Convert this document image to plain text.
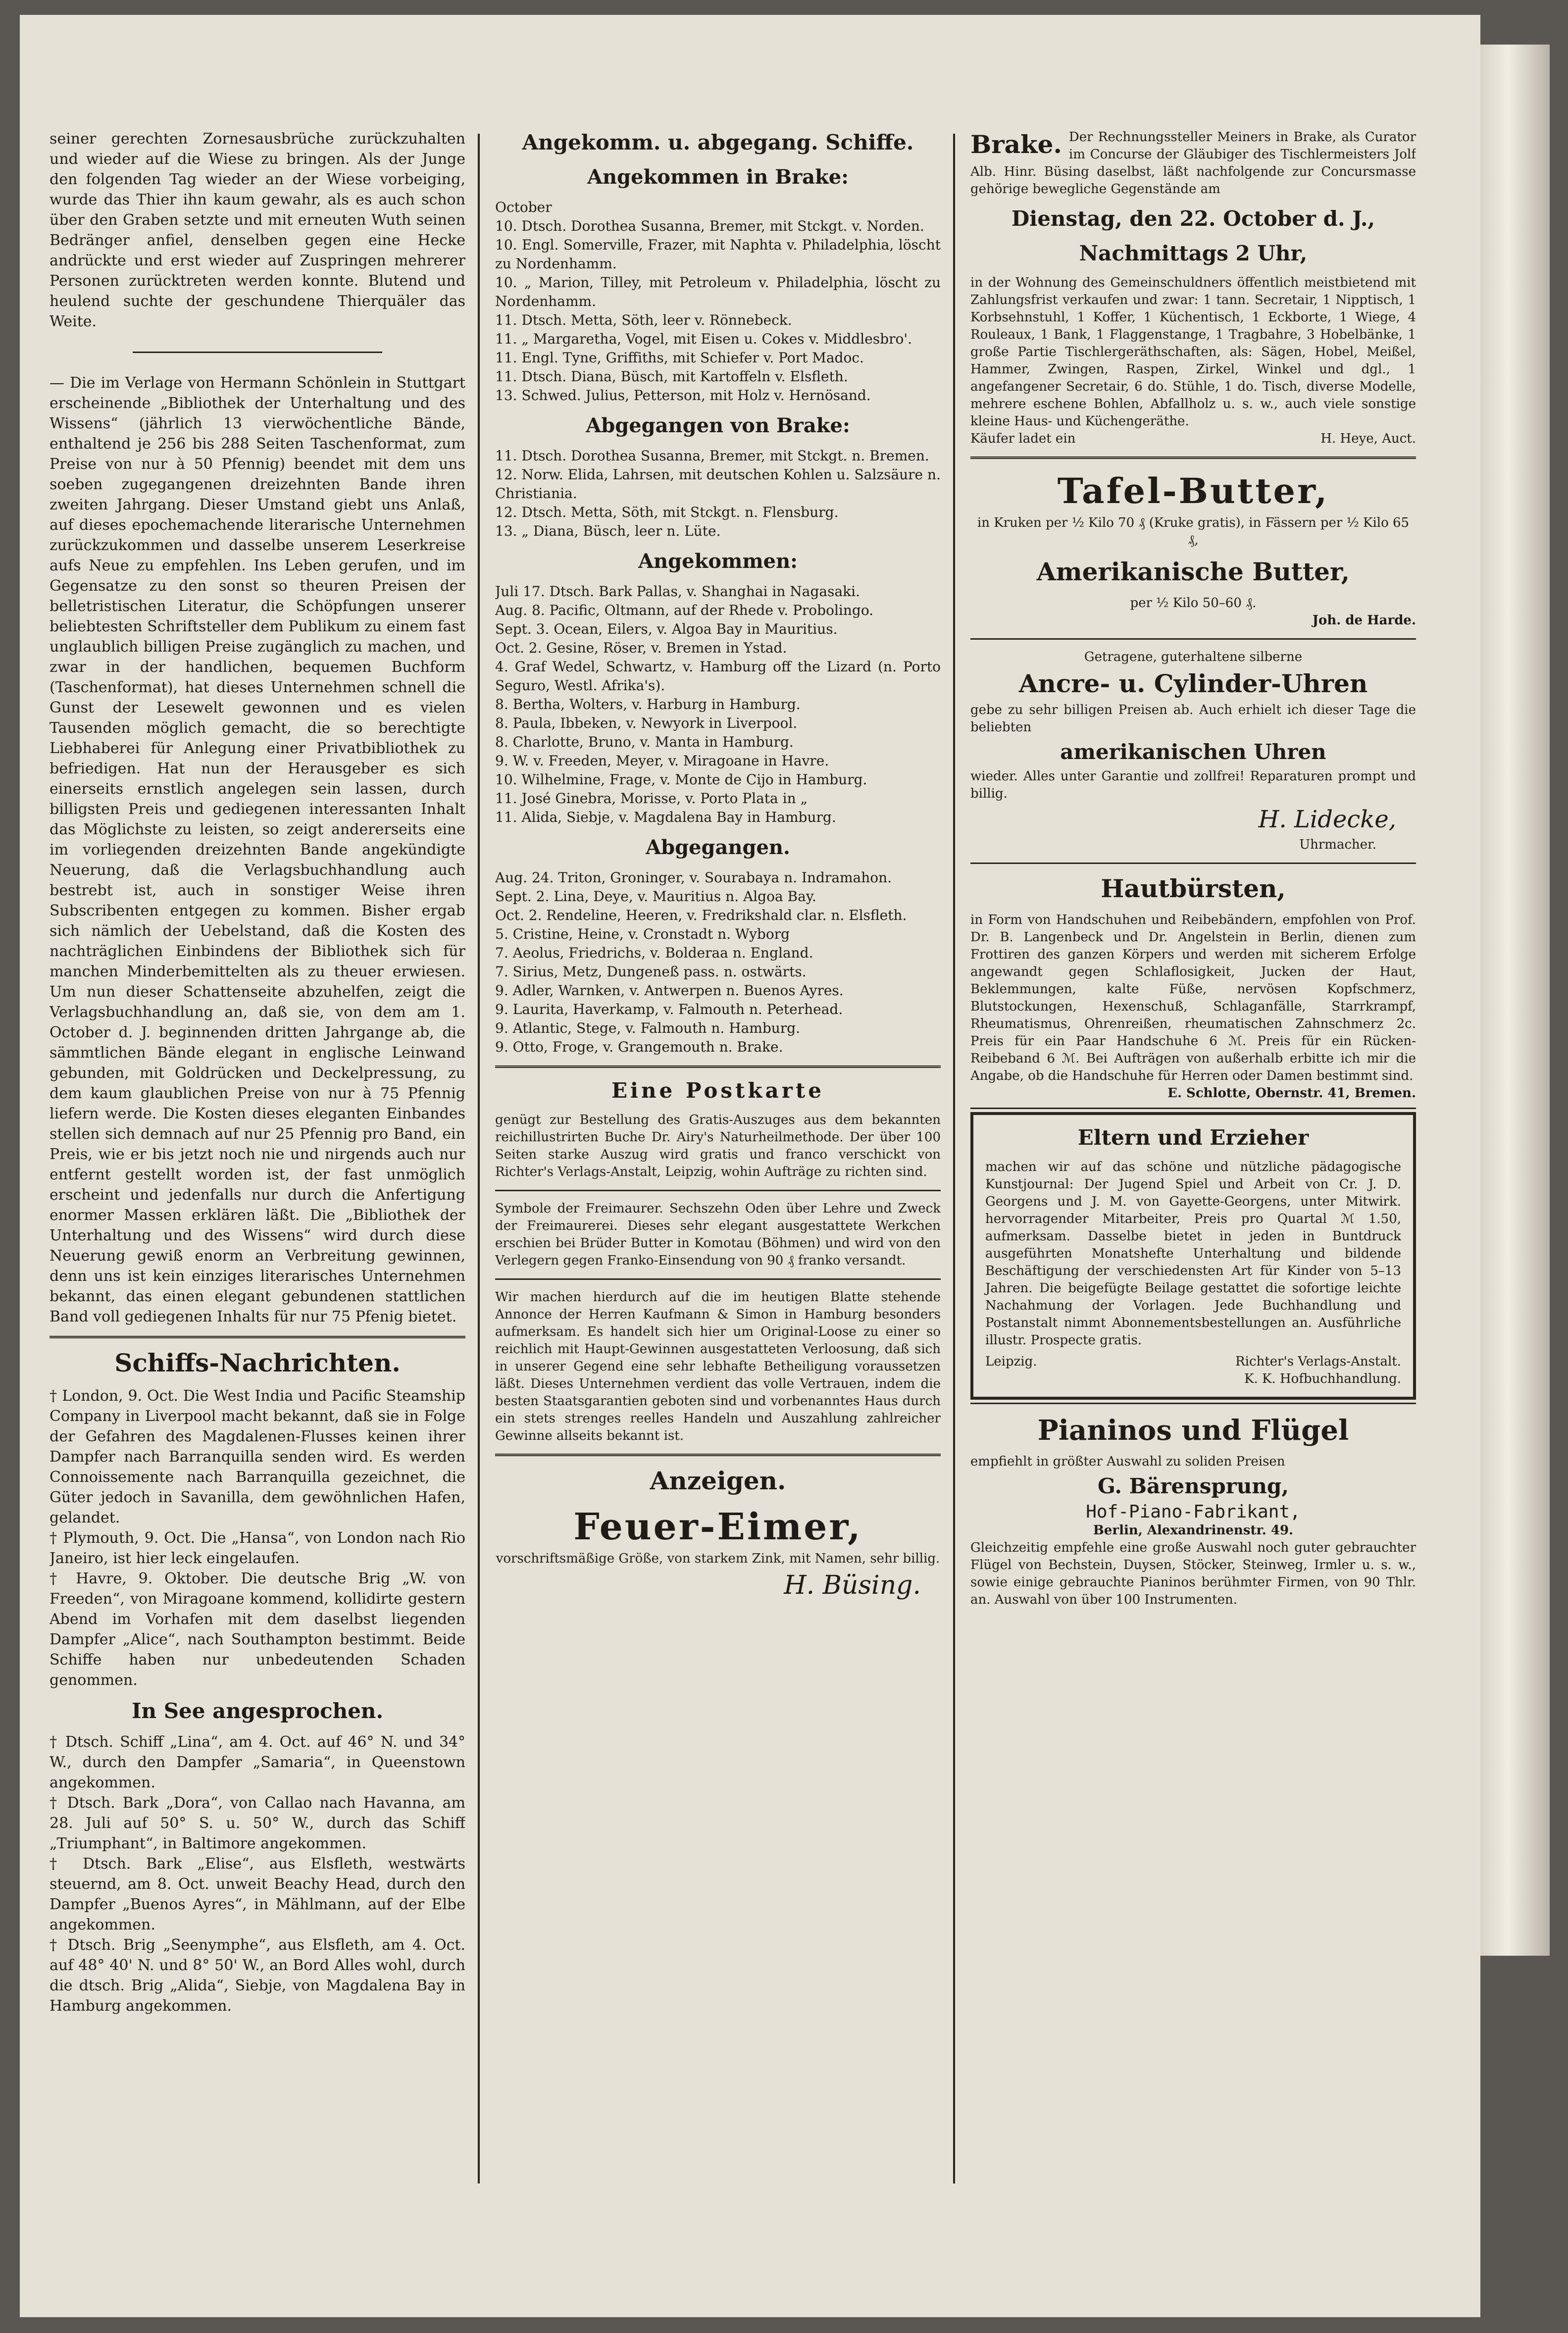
seiner gerechten Zornesausbrüche zurückzuhalten und wieder auf die Wiese zu bringen. Als der Junge den folgenden Tag wieder an der Wiese vorbeiging, wurde das Thier ihn kaum gewahr, als es auch schon über den Graben setzte und mit erneuten Wuth seinen Bedränger anfiel, denselben gegen eine Hecke andrückte und erst wieder auf Zuspringen mehrerer Personen zurücktreten werden konnte. Blutend und heulend suchte der geschundene Thierquäler das Weite.

— Die im Verlage von Hermann Schönlein in Stuttgart erscheinende „Bibliothek der Unterhaltung und des Wissens“ (jährlich 13 vierwöchentliche Bände, enthaltend je 256 bis 288 Seiten Taschenformat, zum Preise von nur à 50 Pfennig) beendet mit dem uns soeben zugegangenen dreizehnten Bande ihren zweiten Jahrgang. Dieser Umstand giebt uns Anlaß, auf dieses epochemachende literarische Unternehmen zurückzukommen und dasselbe unserem Leserkreise aufs Neue zu empfehlen. Ins Leben gerufen, und im Gegensatze zu den sonst so theuren Preisen der belletristischen Literatur, die Schöpfungen unserer beliebtesten Schriftsteller dem Publikum zu einem fast unglaublich billigen Preise zugänglich zu machen, und zwar in der handlichen, bequemen Buchform (Taschenformat), hat dieses Unternehmen schnell die Gunst der Lesewelt gewonnen und es vielen Tausenden möglich gemacht, die so berechtigte Liebhaberei für Anlegung einer Privatbibliothek zu befriedigen. Hat nun der Herausgeber es sich einerseits ernstlich angelegen sein lassen, durch billigsten Preis und gediegenen interessanten Inhalt das Möglichste zu leisten, so zeigt andererseits eine im vorliegenden dreizehnten Bande angekündigte Neuerung, daß die Verlagsbuchhandlung auch bestrebt ist, auch in sonstiger Weise ihren Subscribenten entgegen zu kommen. Bisher ergab sich nämlich der Uebelstand, daß die Kosten des nachträglichen Einbindens der Bibliothek sich für manchen Minderbemittelten als zu theuer erwiesen. Um nun dieser Schattenseite abzuhelfen, zeigt die Verlagsbuchhandlung an, daß sie, von dem am 1. October d. J. beginnenden dritten Jahrgange ab, die sämmtlichen Bände elegant in englische Leinwand gebunden, mit Goldrücken und Deckelpressung, zu dem kaum glaublichen Preise von nur à 75 Pfennig liefern werde. Die Kosten dieses eleganten Einbandes stellen sich demnach auf nur 25 Pfennig pro Band, ein Preis, wie er bis jetzt noch nie und nirgends auch nur entfernt gestellt worden ist, der fast unmöglich erscheint und jedenfalls nur durch die Anfertigung enormer Massen erklären läßt. Die „Bibliothek der Unterhaltung und des Wissens“ wird durch diese Neuerung gewiß enorm an Verbreitung gewinnen, denn uns ist kein einziges literarisches Unternehmen bekannt, das einen elegant gebundenen stattlichen Band voll gediegenen Inhalts für nur 75 Pfenig bietet.

Schiffs-Nachrichten.

† London, 9. Oct. Die West India und Pacific Steamship Company in Liverpool macht bekannt, daß sie in Folge der Gefahren des Magdalenen-Flusses keinen ihrer Dampfer nach Barranquilla senden wird. Es werden Connoissemente nach Barranquilla gezeichnet, die Güter jedoch in Savanilla, dem gewöhnlichen Hafen, gelandet.

† Plymouth, 9. Oct. Die „Hansa“, von London nach Rio Janeiro, ist hier leck eingelaufen.

† Havre, 9. Oktober. Die deutsche Brig „W. von Freeden“, von Miragoane kommend, kollidirte gestern Abend im Vorhafen mit dem daselbst liegenden Dampfer „Alice“, nach Southampton bestimmt. Beide Schiffe haben nur unbedeutenden Schaden genommen.

In See angesprochen.

† Dtsch. Schiff „Lina“, am 4. Oct. auf 46° N. und 34° W., durch den Dampfer „Samaria“, in Queenstown angekommen.

† Dtsch. Bark „Dora“, von Callao nach Havanna, am 28. Juli auf 50° S. u. 50° W., durch das Schiff „Triumphant“, in Baltimore angekommen.

† Dtsch. Bark „Elise“, aus Elsfleth, westwärts steuernd, am 8. Oct. unweit Beachy Head, durch den Dampfer „Buenos Ayres“, in Mählmann, auf der Elbe angekommen.

† Dtsch. Brig „Seenymphe“, aus Elsfleth, am 4. Oct. auf 48° 40' N. und 8° 50' W., an Bord Alles wohl, durch die dtsch. Brig „Alida“, Siebje, von Magdalena Bay in Hamburg angekommen.

Angekomm. u. abgegang. Schiffe.
Angekommen in Brake:

October

10. Dtsch. Dorothea Susanna, Bremer, mit Stckgt. v. Norden.

10. Engl. Somerville, Frazer, mit Naphta v. Philadelphia, löscht zu Nordenhamm.

10. „ Marion, Tilley, mit Petroleum v. Philadelphia, löscht zu Nordenhamm.

11. Dtsch. Metta, Söth, leer v. Rönnebeck.

11. „ Margaretha, Vogel, mit Eisen u. Cokes v. Middlesbro'.

11. Engl. Tyne, Griffiths, mit Schiefer v. Port Madoc.

11. Dtsch. Diana, Büsch, mit Kartoffeln v. Elsfleth.

13. Schwed. Julius, Petterson, mit Holz v. Hernösand.

Abgegangen von Brake:

11. Dtsch. Dorothea Susanna, Bremer, mit Stckgt. n. Bremen.

12. Norw. Elida, Lahrsen, mit deutschen Kohlen u. Salzsäure n. Christiania.

12. Dtsch. Metta, Söth, mit Stckgt. n. Flensburg.

13. „ Diana, Büsch, leer n. Lüte.

Angekommen:

Juli 17. Dtsch. Bark Pallas, v. Shanghai in Nagasaki.

Aug. 8. Pacific, Oltmann, auf der Rhede v. Probolingo.

Sept. 3. Ocean, Eilers, v. Algoa Bay in Mauritius.

Oct. 2. Gesine, Röser, v. Bremen in Ystad.

4. Graf Wedel, Schwartz, v. Hamburg off the Lizard (n. Porto Seguro, Westl. Afrika's).

8. Bertha, Wolters, v. Harburg in Hamburg.

8. Paula, Ibbeken, v. Newyork in Liverpool.

8. Charlotte, Bruno, v. Manta in Hamburg.

9. W. v. Freeden, Meyer, v. Miragoane in Havre.

10. Wilhelmine, Frage, v. Monte de Cijo in Hamburg.

11. José Ginebra, Morisse, v. Porto Plata in „

11. Alida, Siebje, v. Magdalena Bay in Hamburg.

Abgegangen.

Aug. 24. Triton, Groninger, v. Sourabaya n. Indramahon.

Sept. 2. Lina, Deye, v. Mauritius n. Algoa Bay.

Oct. 2. Rendeline, Heeren, v. Fredrikshald clar. n. Elsfleth.

5. Cristine, Heine, v. Cronstadt n. Wyborg

7. Aeolus, Friedrichs, v. Bolderaa n. England.

7. Sirius, Metz, Dungeneß pass. n. ostwärts.

9. Adler, Warnken, v. Antwerpen n. Buenos Ayres.

9. Laurita, Haverkamp, v. Falmouth n. Peterhead.

9. Atlantic, Stege, v. Falmouth n. Hamburg.

9. Otto, Froge, v. Grangemouth n. Brake.

Eine Postkarte

genügt zur Bestellung des Gratis-Auszuges aus dem bekannten reichillustrirten Buche Dr. Airy's Naturheilmethode. Der über 100 Seiten starke Auszug wird gratis und franco verschickt von Richter's Verlags-Anstalt, Leipzig, wohin Aufträge zu richten sind.

Symbole der Freimaurer. Sechszehn Oden über Lehre und Zweck der Freimaurerei. Dieses sehr elegant ausgestattete Werkchen erschien bei Brüder Butter in Komotau (Böhmen) und wird von den Verlegern gegen Franko-Einsendung von 90 ₰ franko versandt.

Wir machen hierdurch auf die im heutigen Blatte stehende Annonce der Herren Kaufmann & Simon in Hamburg besonders aufmerksam. Es handelt sich hier um Original-Loose zu einer so reichlich mit Haupt-Gewinnen ausgestatteten Verloosung, daß sich in unserer Gegend eine sehr lebhafte Betheiligung voraussetzen läßt. Dieses Unternehmen verdient das volle Vertrauen, indem die besten Staatsgarantien geboten sind und vorbenanntes Haus durch ein stets strenges reelles Handeln und Auszahlung zahlreicher Gewinne allseits bekannt ist.

Anzeigen.
Feuer-Eimer,

vorschriftsmäßige Größe, von starkem Zink, mit Namen, sehr billig.

H. Büsing.

Brake. Der Rechnungssteller Meiners in Brake, als Curator im Concurse der Gläubiger des Tischlermeisters Jolf Alb. Hinr. Büsing daselbst, läßt nachfolgende zur Concursmasse gehörige bewegliche Gegenstände am

Dienstag, den 22. October d. J.,
Nachmittags 2 Uhr,

in der Wohnung des Gemeinschuldners öffentlich meistbietend mit Zahlungsfrist verkaufen und zwar: 1 tann. Secretair, 1 Nipptisch, 1 Korbsehnstuhl, 1 Koffer, 1 Küchentisch, 1 Eckborte, 1 Wiege, 4 Rouleaux, 1 Bank, 1 Flaggenstange, 1 Tragbahre, 3 Hobelbänke, 1 große Partie Tischlergeräthschaften, als: Sägen, Hobel, Meißel, Hammer, Zwingen, Raspen, Zirkel, Winkel und dgl., 1 angefangener Secretair, 6 do. Stühle, 1 do. Tisch, diverse Modelle, mehrere eschene Bohlen, Abfallholz u. s. w., auch viele sonstige kleine Haus- und Küchengeräthe.

Käufer ladet ein	H. Heye, Auct.

Tafel-Butter,

in Kruken per ½ Kilo 70 ₰ (Kruke gratis), in Fässern per ½ Kilo 65 ₰,

Amerikanische Butter,

per ½ Kilo 50–60 ₰.

Joh. de Harde.

Getragene, guterhaltene silberne

Ancre- u. Cylinder-Uhren

gebe zu sehr billigen Preisen ab. Auch erhielt ich dieser Tage die beliebten

amerikanischen Uhren

wieder. Alles unter Garantie und zollfrei! Reparaturen prompt und billig.

H. Lidecke,

Uhrmacher.

Hautbürsten,

in Form von Handschuhen und Reibebändern, empfohlen von Prof. Dr. B. Langenbeck und Dr. Angelstein in Berlin, dienen zum Frottiren des ganzen Körpers und werden mit sicherem Erfolge angewandt gegen Schlaflosigkeit, Jucken der Haut, Beklemmungen, kalte Füße, nervösen Kopfschmerz, Blutstockungen, Hexenschuß, Schlaganfälle, Starrkrampf, Rheumatismus, Ohrenreißen, rheumatischen Zahnschmerz 2c. Preis für ein Paar Handschuhe 6 ℳ. Preis für ein Rücken-Reibeband 6 ℳ. Bei Aufträgen von außerhalb erbitte ich mir die Angabe, ob die Handschuhe für Herren oder Damen bestimmt sind.

E. Schlotte, Obernstr. 41, Bremen.

Eltern und Erzieher

machen wir auf das schöne und nützliche pädagogische Kunstjournal: Der Jugend Spiel und Arbeit von Cr. J. D. Georgens und J. M. von Gayette-Georgens, unter Mitwirk. hervorragender Mitarbeiter, Preis pro Quartal ℳ 1.50, aufmerksam. Dasselbe bietet in jeden in Buntdruck ausgeführten Monatshefte Unterhaltung und bildende Beschäftigung der verschiedensten Art für Kinder von 5–13 Jahren. Die beigefügte Beilage gestattet die sofortige leichte Nachahmung der Vorlagen. Jede Buchhandlung und Postanstalt nimmt Abonnementsbestellungen an. Ausführliche illustr. Prospecte gratis.

Leipzig.	Richter's Verlags-Anstalt.
K. K. Hofbuchhandlung.

Pianinos und Flügel

empfiehlt in größter Auswahl zu soliden Preisen

G. Bärensprung,

Hof-Piano-Fabrikant,

Berlin, Alexandrinenstr. 49.

Gleichzeitig empfehle eine große Auswahl noch guter gebrauchter Flügel von Bechstein, Duysen, Stöcker, Steinweg, Irmler u. s. w., sowie einige gebrauchte Pianinos berühmter Firmen, von 90 Thlr. an. Auswahl von über 100 Instrumenten.
